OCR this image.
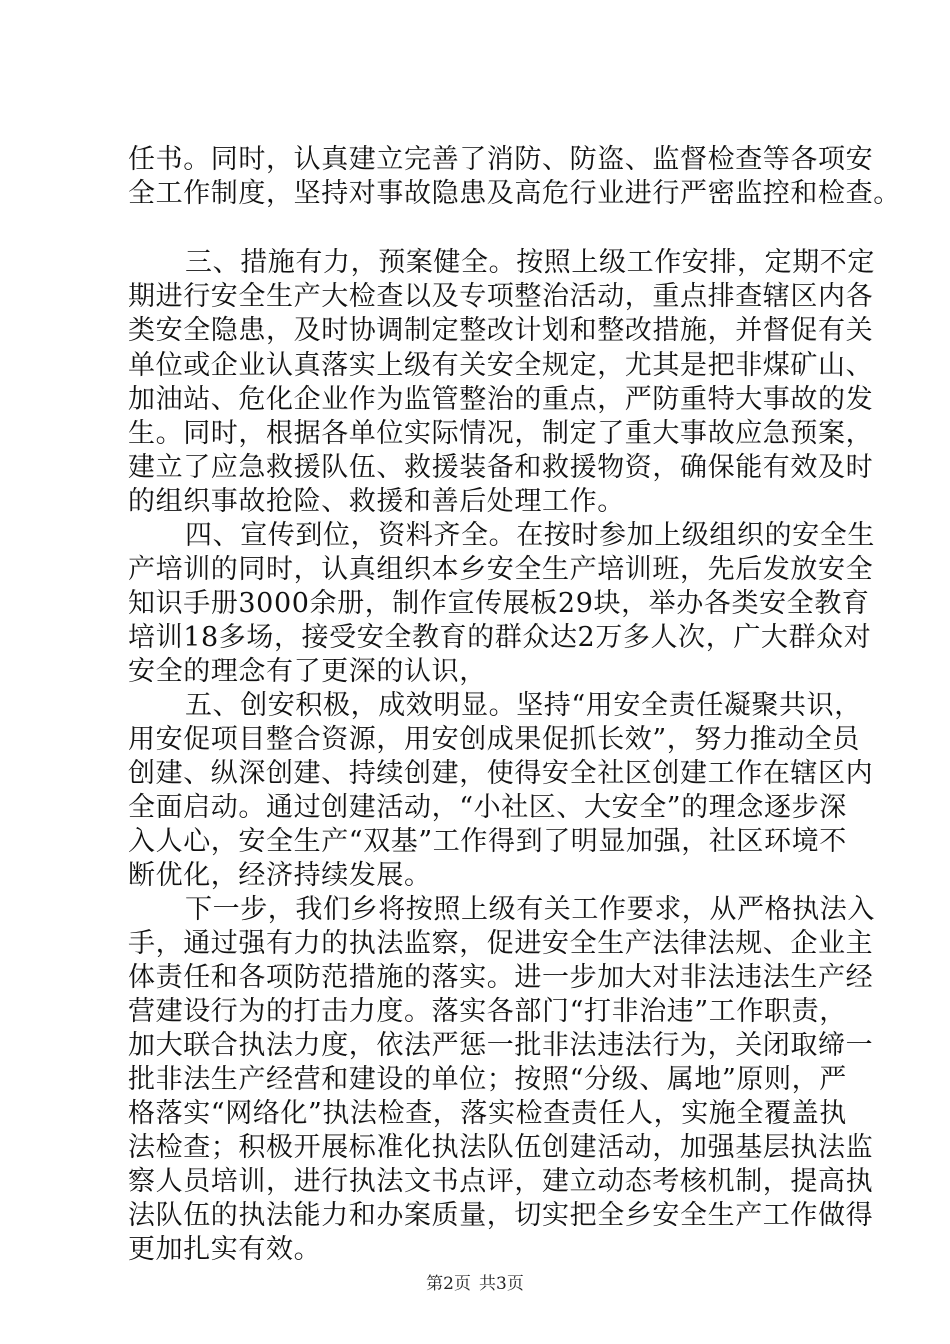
任书。同时，认真建立完善了消防、防盗、监督检查等各项安
全工作制度，坚持对事故隐患及高危行业进行严密监控和检查。
三、措施有力，预案健全。按照上级工作安排，定期不定
期进行安全生产大检查以及专项整治活动，重点排查辖区内各
类安全隐患，及时协调制定整改计划和整改措施，并督促有关
单位或企业认真落实上级有关安全规定，尤其是把非煤矿山、
加油站、危化企业作为监管整治的重点，严防重特大事故的发
生。同时，根据各单位实际情况，制定了重大事故应急预案，
建立了应急救援队伍、救援装备和救援物资，确保能有效及时
的组织事故抢险、救援和善后处理工作。
四、宣传到位，资料齐全。在按时参加上级组织的安全生
产培训的同时，认真组织本乡安全生产培训班，先后发放安全
知识手册3000余册，制作宣传展板29块，举办各类安全教育
培训18多场，接受安全教育的群众达2万多人次，广大群众对
安全的理念有了更深的认识，
五、创安积极，成效明显。坚持“用安全责任凝聚共识，
用安促项目整合资源，用安创成果促抓长效”，努力推动全员
创建、纵深创建、持续创建，使得安全社区创建工作在辖区内
全面启动。通过创建活动，“小社区、大安全”的理念逐步深
入人心，安全生产“双基”工作得到了明显加强，社区环境不
断优化，经济持续发展。
下一步，我们乡将按照上级有关工作要求，从严格执法入
手，通过强有力的执法监察，促进安全生产法律法规、企业主
体责任和各项防范措施的落实。进一步加大对非法违法生产经
营建设行为的打击力度。落实各部门“打非治违”工作职责，
加大联合执法力度，依法严惩一批非法违法行为，关闭取缔一
批非法生产经营和建设的单位；按照“分级、属地”原则，严
格落实“网络化”执法检查，落实检查责任人，实施全覆盖执
法检查；积极开展标准化执法队伍创建活动，加强基层执法监
察人员培训，进行执法文书点评，建立动态考核机制，提高执
法队伍的执法能力和办案质量，切实把全乡安全生产工作做得
更加扎实有效。
第2页 共3页
